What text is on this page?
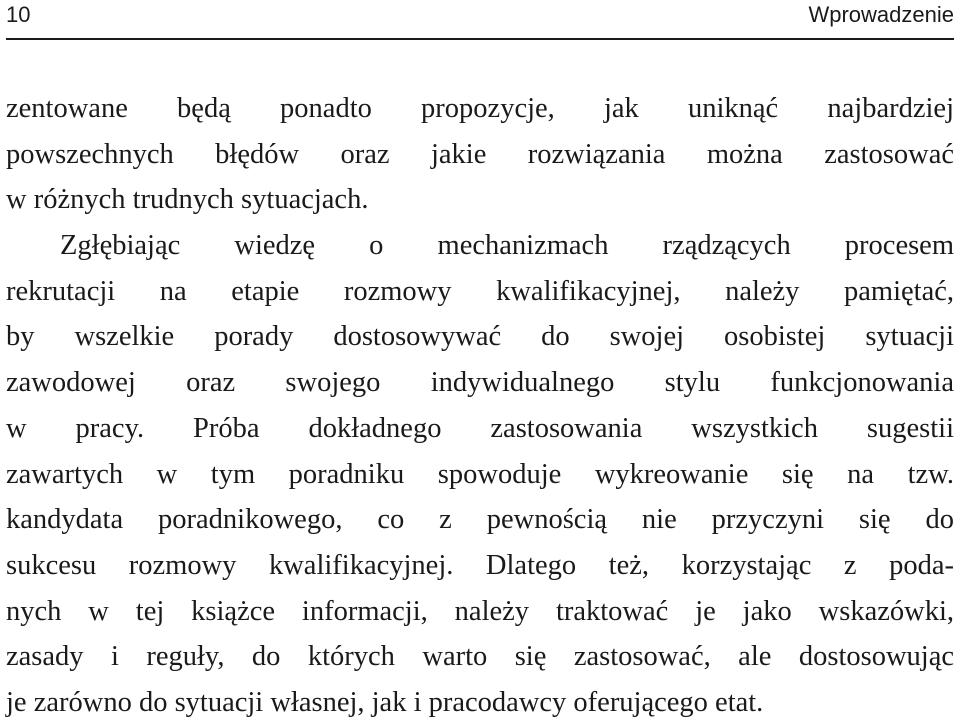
10	Wprowadzenie
zentowane będą ponadto propozycje, jak uniknąć najbardziej
powszechnych błędów oraz jakie rozwiązania można zastosować
w różnych trudnych sytuacjach.
Zgłębiając wiedzę o mechanizmach rządzących procesem
rekrutacji na etapie rozmowy kwalifikacyjnej, należy pamiętać,
by wszelkie porady dostosowywać do swojej osobistej sytuacji
zawodowej oraz swojego indywidualnego stylu funkcjonowania
w pracy. Próba dokładnego zastosowania wszystkich sugestii
zawartych w tym poradniku spowoduje wykreowanie się na tzw.
kandydata poradnikowego, co z pewnością nie przyczyni się do
sukcesu rozmowy kwalifikacyjnej. Dlatego też, korzystając z poda-
nych w tej książce informacji, należy traktować je jako wskazówki,
zasady i reguły, do których warto się zastosować, ale dostosowując
je zarówno do sytuacji własnej, jak i pracodawcy oferującego etat.
